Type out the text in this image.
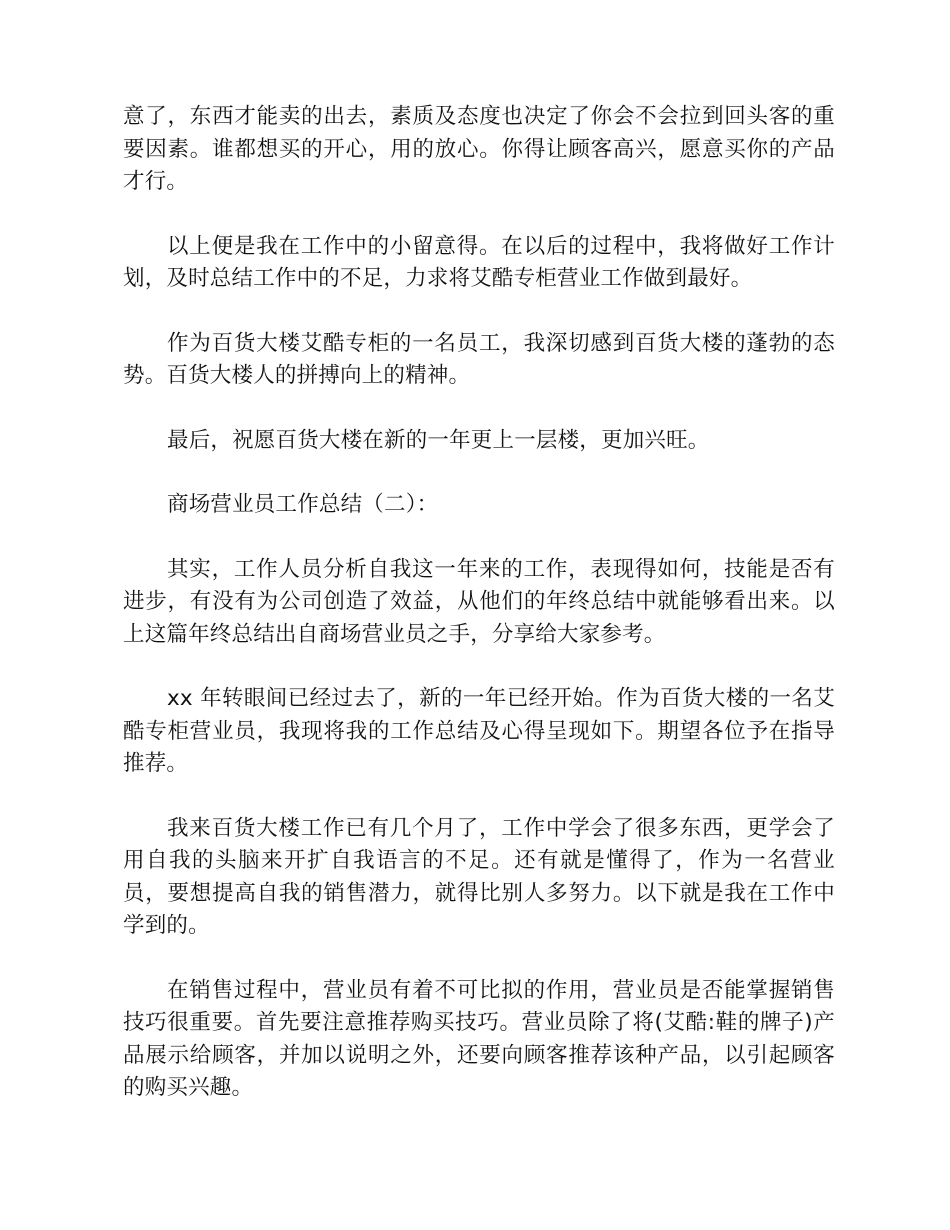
意了，东西才能卖的出去，素质及态度也决定了你会不会拉到回头客的重要因素。谁都想买的开心，用的放心。你得让顾客高兴，愿意买你的产品才行。

以上便是我在工作中的小留意得。在以后的过程中，我将做好工作计划，及时总结工作中的不足，力求将艾酷专柜营业工作做到最好。

作为百货大楼艾酷专柜的一名员工，我深切感到百货大楼的蓬勃的态势。百货大楼人的拼搏向上的精神。

最后，祝愿百货大楼在新的一年更上一层楼，更加兴旺。

商场营业员工作总结（二）：

其实，工作人员分析自我这一年来的工作，表现得如何，技能是否有进步，有没有为公司创造了效益，从他们的年终总结中就能够看出来。以上这篇年终总结出自商场营业员之手，分享给大家参考。

xx 年转眼间已经过去了，新的一年已经开始。作为百货大楼的一名艾酷专柜营业员，我现将我的工作总结及心得呈现如下。期望各位予在指导推荐。

我来百货大楼工作已有几个月了，工作中学会了很多东西，更学会了用自我的头脑来开扩自我语言的不足。还有就是懂得了，作为一名营业员，要想提高自我的销售潜力，就得比别人多努力。以下就是我在工作中学到的。

在销售过程中，营业员有着不可比拟的作用，营业员是否能掌握销售技巧很重要。首先要注意推荐购买技巧。营业员除了将(艾酷:鞋的牌子)产品展示给顾客，并加以说明之外，还要向顾客推荐该种产品，以引起顾客的购买兴趣。
